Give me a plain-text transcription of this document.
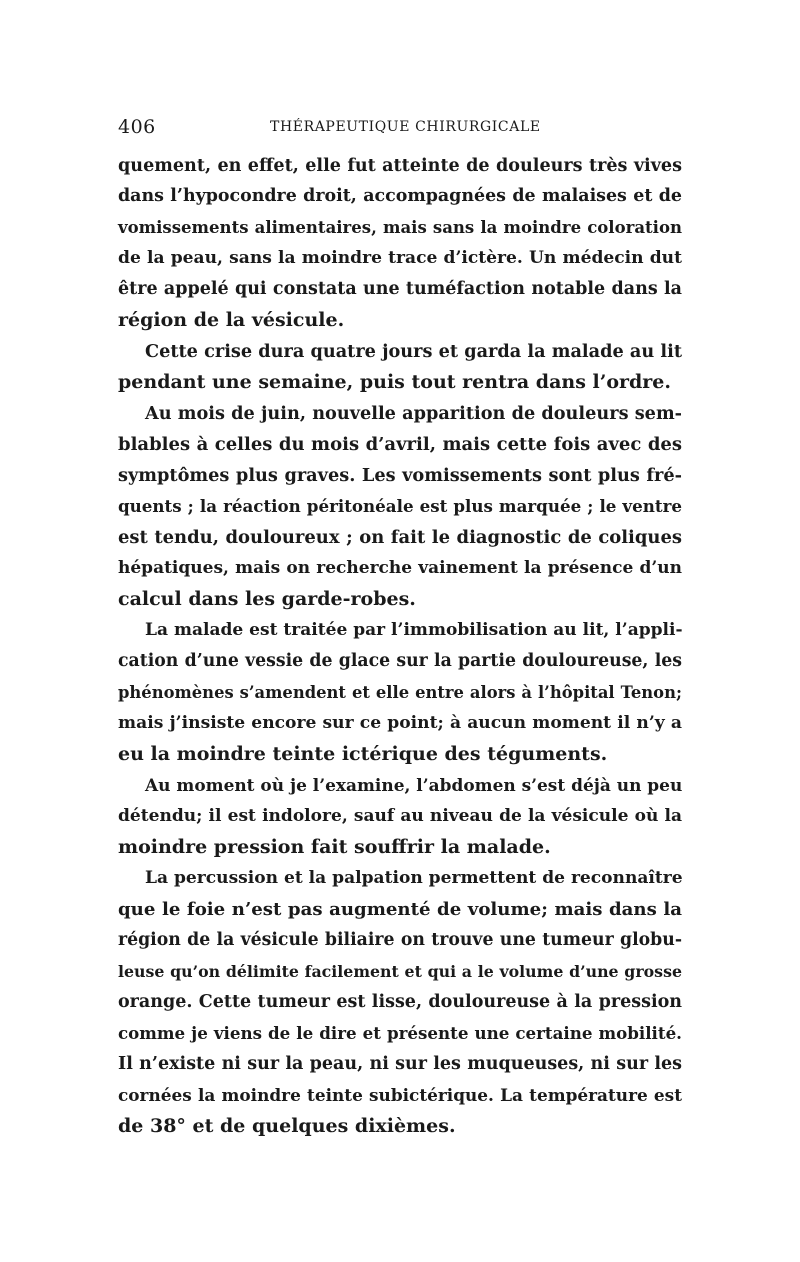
406	THÉRAPEUTIQUE CHIRURGICALE
quement, en effet, elle fut atteinte de douleurs très vives
dans l’hypocondre droit, accompagnées de malaises et de
vomissements alimentaires, mais sans la moindre coloration
de la peau, sans la moindre trace d’ictère. Un médecin dut
être appelé qui constata une tuméfaction notable dans la
région de la vésicule.
Cette crise dura quatre jours et garda la malade au lit
pendant une semaine, puis tout rentra dans l’ordre.
Au mois de juin, nouvelle apparition de douleurs sem-
blables à celles du mois d’avril, mais cette fois avec des
symptômes plus graves. Les vomissements sont plus fré-
quents ; la réaction péritonéale est plus marquée ; le ventre
est tendu, douloureux ; on fait le diagnostic de coliques
hépatiques, mais on recherche vainement la présence d’un
calcul dans les garde-robes.
La malade est traitée par l’immobilisation au lit, l’appli-
cation d’une vessie de glace sur la partie douloureuse, les
phénomènes s’amendent et elle entre alors à l’hôpital Tenon;
mais j’insiste encore sur ce point; à aucun moment il n’y a
eu la moindre teinte ictérique des téguments.
Au moment où je l’examine, l’abdomen s’est déjà un peu
détendu; il est indolore, sauf au niveau de la vésicule où la
moindre pression fait souffrir la malade.
La percussion et la palpation permettent de reconnaître
que le foie n’est pas augmenté de volume; mais dans la
région de la vésicule biliaire on trouve une tumeur globu-
leuse qu’on délimite facilement et qui a le volume d’une grosse
orange. Cette tumeur est lisse, douloureuse à la pression
comme je viens de le dire et présente une certaine mobilité.
Il n’existe ni sur la peau, ni sur les muqueuses, ni sur les
cornées la moindre teinte subictérique. La température est
de 38° et de quelques dixièmes.
